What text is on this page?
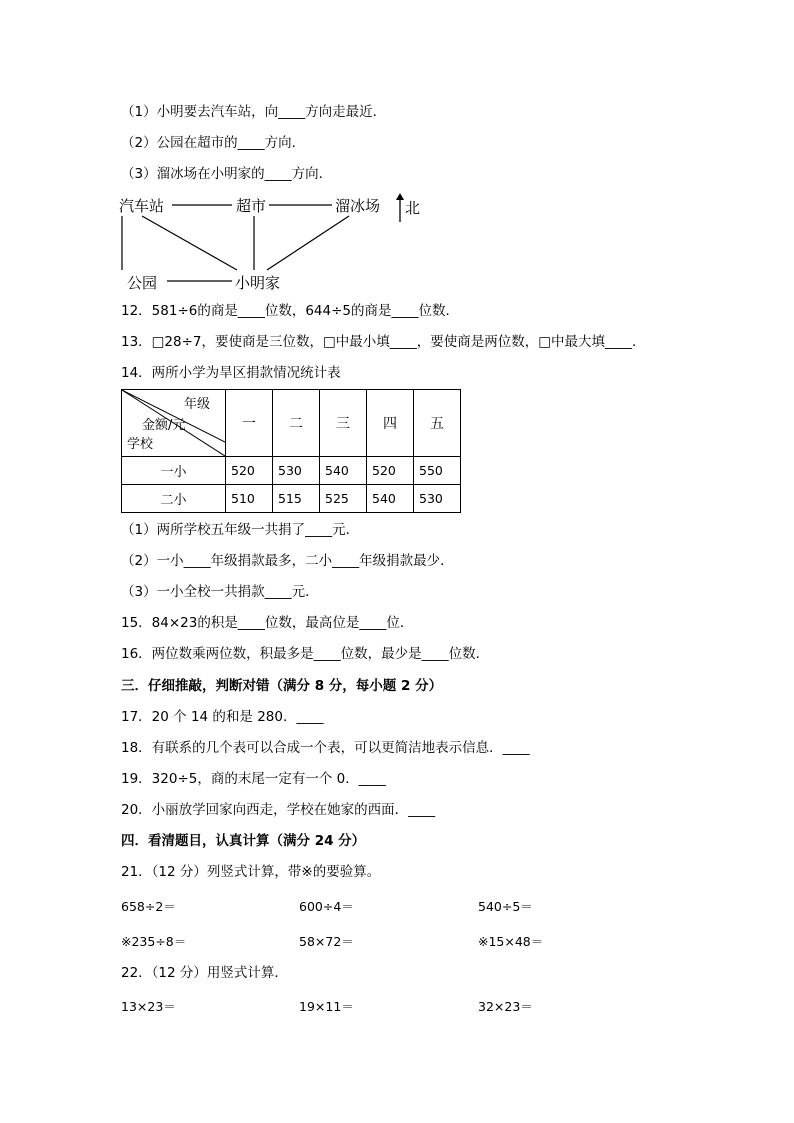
（1）小明要去汽车站，向____方向走最近．
（2）公园在超市的____方向．
（3）溜冰场在小明家的____方向．
汽车站	超市	溜冰场 北
公园	小明家
12．581÷6的商是____位数，644÷5的商是____位数．
13．□28÷7，要使商是三位数，□中最小填____，要使商是两位数，□中最大填____．
14．两所小学为旱区捐款情况统计表
年级
金额/元
学校	一	二	三	四	五
一小	520	530	540	520	550
二小	510	515	525	540	530
（1）两所学校五年级一共捐了____元．
（2）一小____年级捐款最多，二小____年级捐款最少．
（3）一小全校一共捐款____元．
15．84×23的积是____位数，最高位是____位．
16．两位数乘两位数，积最多是____位数，最少是____位数．
三．仔细推敲，判断对错（满分 8 分，每小题 2 分）
17．20 个 14 的和是 280．____
18．有联系的几个表可以合成一个表，可以更简洁地表示信息．____
19．320÷5，商的末尾一定有一个 0．____
20．小丽放学回家向西走，学校在她家的西面．____
四．看清题目，认真计算（满分 24 分）
21．（12 分）列竖式计算，带※的要验算。
658÷2＝	600÷4＝	540÷5＝
※235÷8＝	58×72＝	※15×48＝
22．（12 分）用竖式计算．
13×23＝	19×11＝	32×23＝
